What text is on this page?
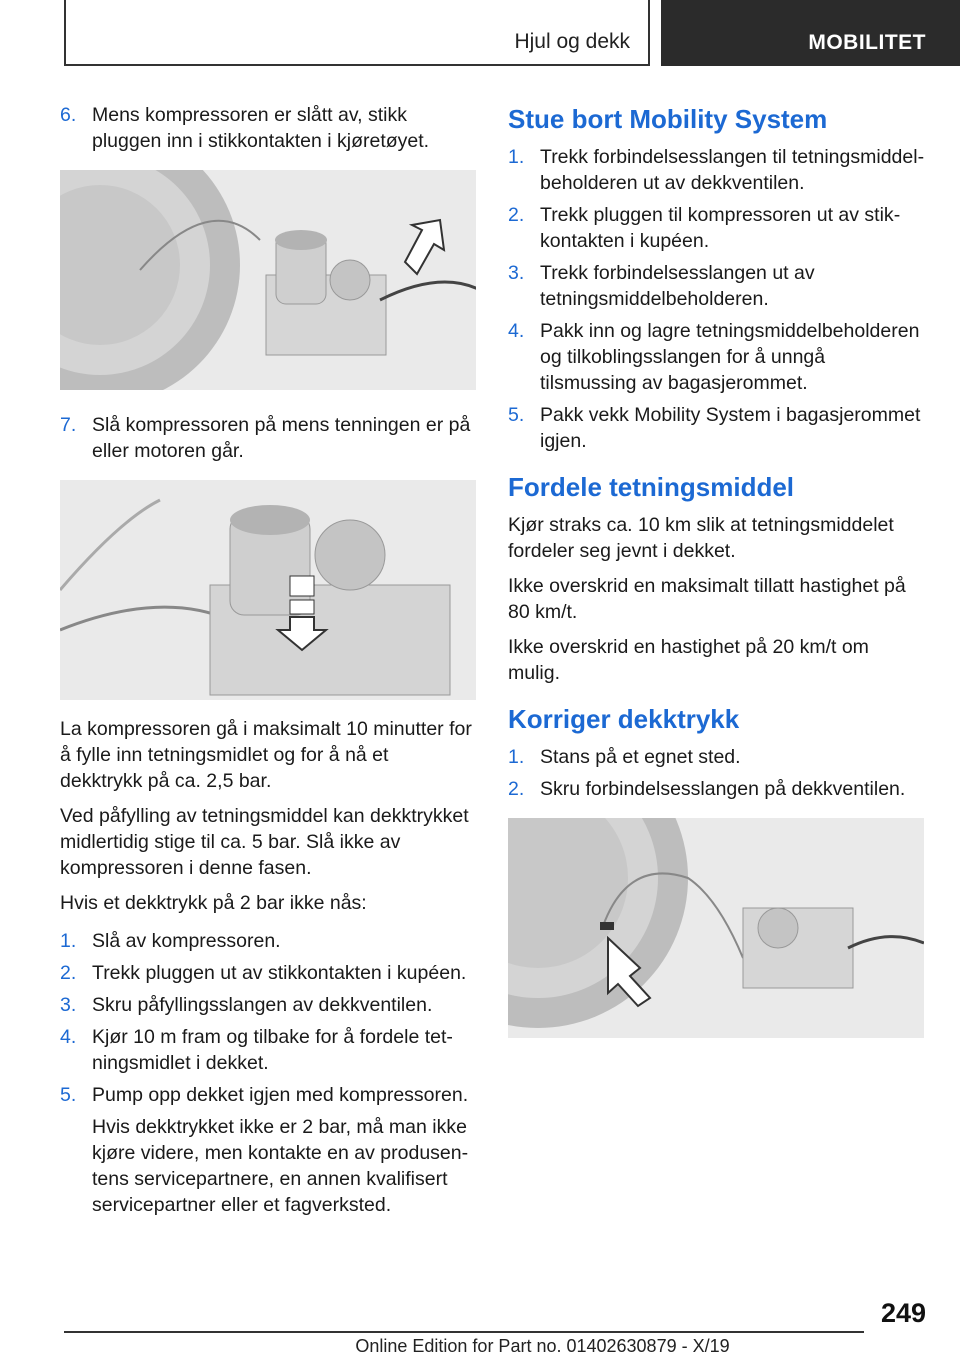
Hjul og dekk	MOBILITET
6. Mens kompressoren er slått av, stikk pluggen inn i stikkontakten i kjøretøyet.
7. Slå kompressoren på mens tenningen er på eller motoren går.

La kompressoren gå i maksimalt 10 minutter for å fylle inn tetningsmidlet og for å nå et dekktrykk på ca. 2,5 bar.

Ved påfylling av tetningsmiddel kan dekktrykket midlertidig stige til ca. 5 bar. Slå ikke av kompressoren i denne fasen.

Hvis et dekktrykk på 2 bar ikke nås:

1. Slå av kompressoren.
2. Trekk pluggen ut av stikkontakten i kupéen.
3. Skru påfyllingsslangen av dekkventilen.
4. Kjør 10 m fram og tilbake for å fordele tetningsmidlet i dekket.
5. Pump opp dekket igjen med kompressoren.

Hvis dekktrykket ikke er 2 bar, må man ikke kjøre videre, men kontakte en av produsentens servicepartnere, en annen kvalifisert servicepartner eller et fagverksted.

Stue bort Mobility System
1. Trekk forbindelsesslangen til tetningsmiddelbeholderen ut av dekkventilen.
2. Trekk pluggen til kompressoren ut av stikkontakten i kupéen.
3. Trekk forbindelsesslangen ut av tetningsmiddelbeholderen.
4. Pakk inn og lagre tetningsmiddelbeholderen og tilkoblingsslangen for å unngå tilsmussing av bagasjerommet.
5. Pakk vekk Mobility System i bagasjerommet igjen.
Fordele tetningsmiddel

Kjør straks ca. 10 km slik at tetningsmiddelet fordeler seg jevnt i dekket.

Ikke overskrid en maksimalt tillatt hastighet på 80 km/t.

Ikke overskrid en hastighet på 20 km/t om mulig.

Korriger dekktrykk
1. Stans på et egnet sted.
2. Skru forbindelsesslangen på dekkventilen.
249
Online Edition for Part no. 01402630879 - X/19
